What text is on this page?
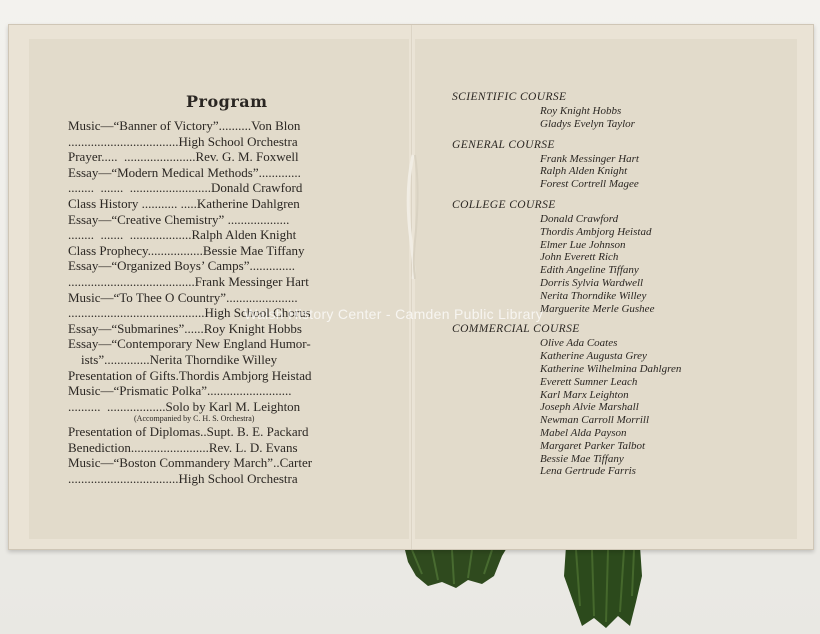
Program
Music—“Banner of Victory”..........Von Blon
..................................High School Orchestra
Prayer.....  ......................Rev. G. M. Foxwell
Essay—“Modern Medical Methods”.............
........  .......  .........................Donald Crawford
Class History ........... .....Katherine Dahlgren
Essay—“Creative Chemistry” ...................
........  .......  ...................Ralph Alden Knight
Class Prophecy.................Bessie Mae Tiffany
Essay—“Organized Boys’ Camps”..............
.......................................Frank Messinger Hart
Music—“To Thee O Country”......................
..........................................High School Chorus
Essay—“Submarines”......Roy Knight Hobbs
Essay—“Contemporary New England Humor-
ists”..............Nerita Thorndike Willey
Presentation of Gifts.Thordis Ambjorg Heistad
Music—“Prismatic Polka”..........................
..........  ..................Solo by Karl M. Leighton
(Accompanied by C. H. S. Orchestra)
Presentation of Diplomas..Supt. B. E. Packard
Benediction........................Rev. L. D. Evans
Music—“Boston Commandery March”..Carter
..................................High School Orchestra
SCIENTIFIC COURSE
Roy Knight Hobbs
Gladys Evelyn Taylor
GENERAL COURSE
Frank Messinger Hart
Ralph Alden Knight
Forest Cortrell Magee
COLLEGE COURSE
Donald Crawford
Thordis Ambjorg Heistad
Elmer Lue Johnson
John Everett Rich
Edith Angeline Tiffany
Dorris Sylvia Wardwell
Nerita Thorndike Willey
Marguerite Merle Gushee
COMMERCIAL COURSE
Olive Ada Coates
Katherine Augusta Grey
Katherine Wilhelmina Dahlgren
Everett Sumner Leach
Karl Marx Leighton
Joseph Alvie Marshall
Newman Carroll Morrill
Mabel Alda Payson
Margaret Parker Talbot
Bessie Mae Tiffany
Lena Gertrude Farris
Walsh History Center - Camden Public Library
